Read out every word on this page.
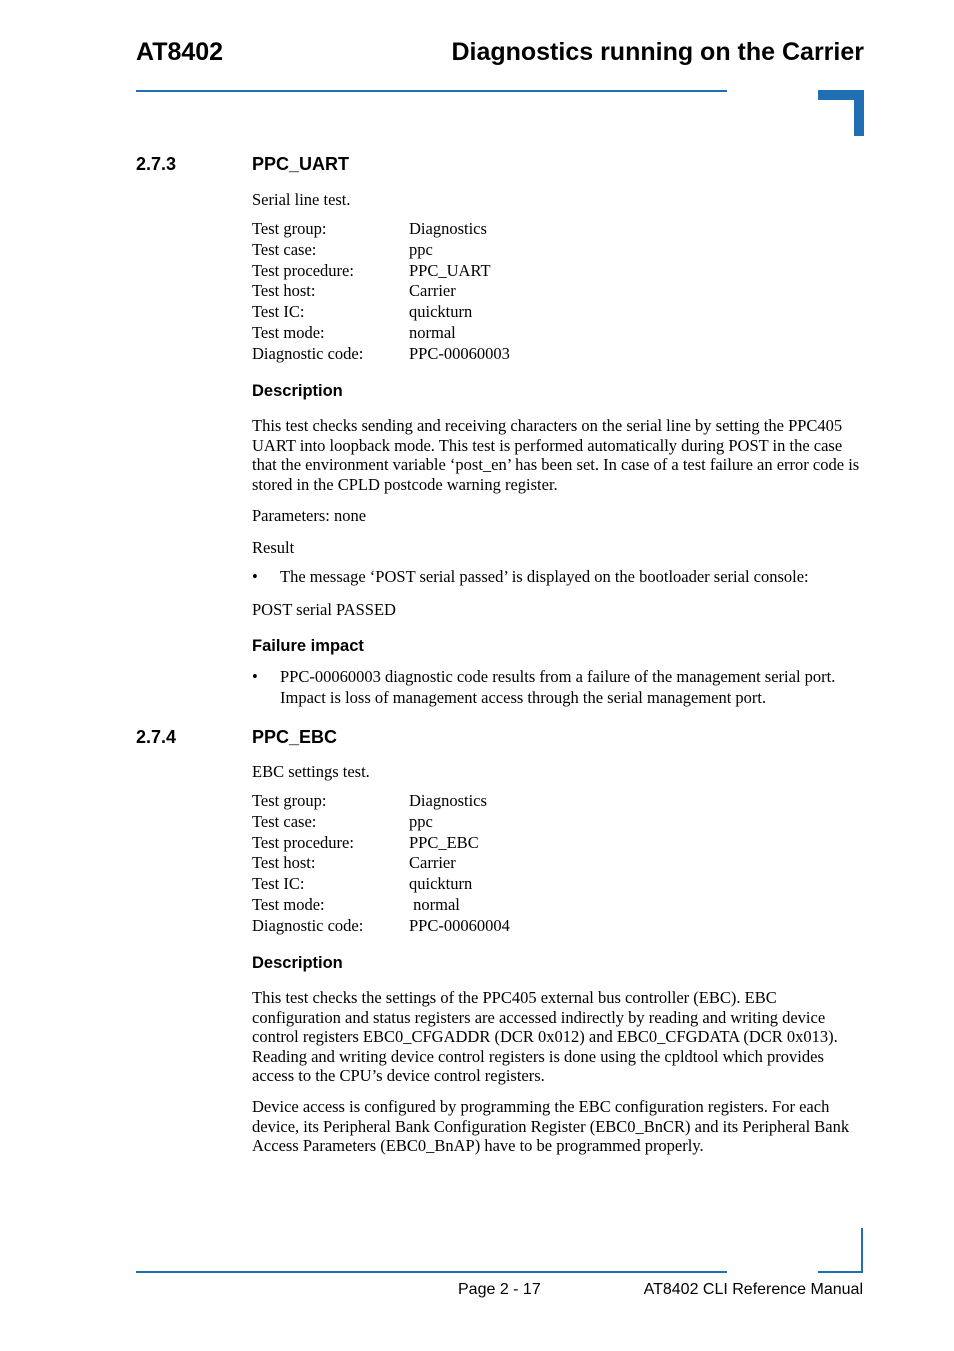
AT8402	Diagnostics running on the Carrier
2.7.3	PPC_UART
Serial line test.
Test group:	Diagnostics
Test case:	ppc
Test procedure:	PPC_UART
Test host:	Carrier
Test IC:	quickturn
Test mode:	normal
Diagnostic code:	PPC-00060003
Description
This test checks sending and receiving characters on the serial line by setting the PPC405 UART into loopback mode. This test is performed automatically during POST in the case that the environment variable ‘post_en’ has been set. In case of a test failure an error code is stored in the CPLD postcode warning register.
Parameters: none
Result
•	The message ‘POST serial passed’ is displayed on the bootloader serial console:
POST serial PASSED
Failure impact
•	PPC-00060003 diagnostic code results from a failure of the management serial port. Impact is loss of management access through the serial management port.
2.7.4	PPC_EBC
EBC settings test.
Test group:	Diagnostics
Test case:	ppc
Test procedure:	PPC_EBC
Test host:	Carrier
Test IC:	quickturn
Test mode:	normal
Diagnostic code:	PPC-00060004
Description
This test checks the settings of the PPC405 external bus controller (EBC). EBC configuration and status registers are accessed indirectly by reading and writing device control registers EBC0_CFGADDR (DCR 0x012) and EBC0_CFGDATA (DCR 0x013). Reading and writing device control registers is done using the cpldtool which provides access to the CPU’s device control registers.
Device access is configured by programming the EBC configuration registers. For each device, its Peripheral Bank Configuration Register (EBC0_BnCR) and its Peripheral Bank Access Parameters (EBC0_BnAP) have to be programmed properly.
Page 2 - 17	AT8402 CLI Reference Manual
